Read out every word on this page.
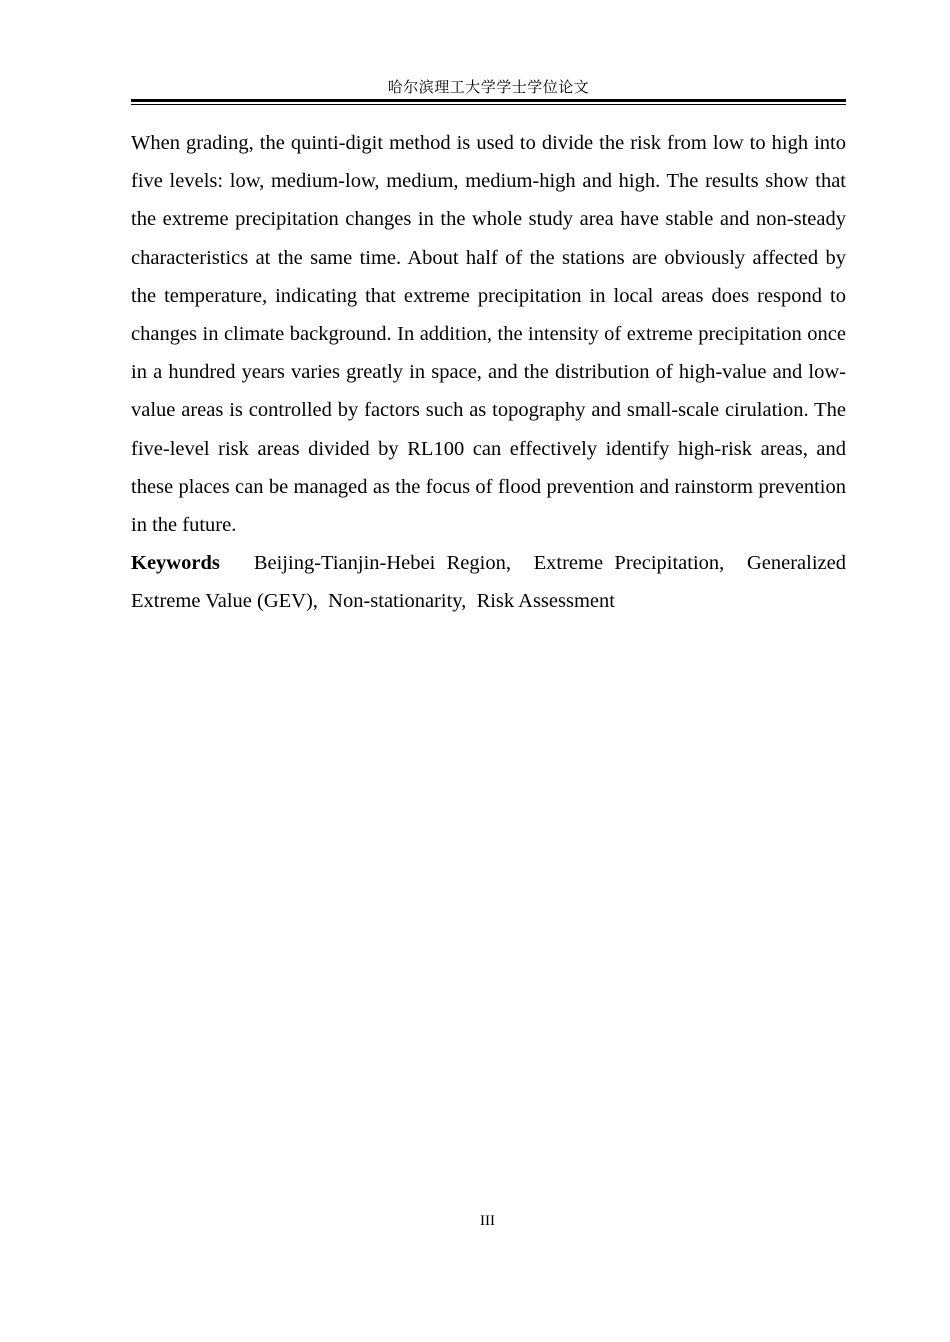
哈尔滨理工大学学士学位论文

When grading, the quinti-digit method is used to divide the risk from low to high into five levels: low, medium-low, medium, medium-high and high. The results show that the extreme precipitation changes in the whole study area have stable and non-steady characteristics at the same time. About half of the stations are obviously affected by the temperature, indicating that extreme precipitation in local areas does respond to changes in climate background. In addition, the intensity of extreme precipitation once in a hundred years varies greatly in space, and the distribution of high-value and low-value areas is controlled by factors such as topography and small-scale cirulation. The five-level risk areas divided by RL100 can effectively identify high-risk areas, and these places can be managed as the focus of flood prevention and rainstorm prevention in the future.

Keywords Beijing-Tianjin-Hebei Region, Extreme Precipitation, Generalized Extreme Value (GEV), Non-stationarity, Risk Assessment

III
